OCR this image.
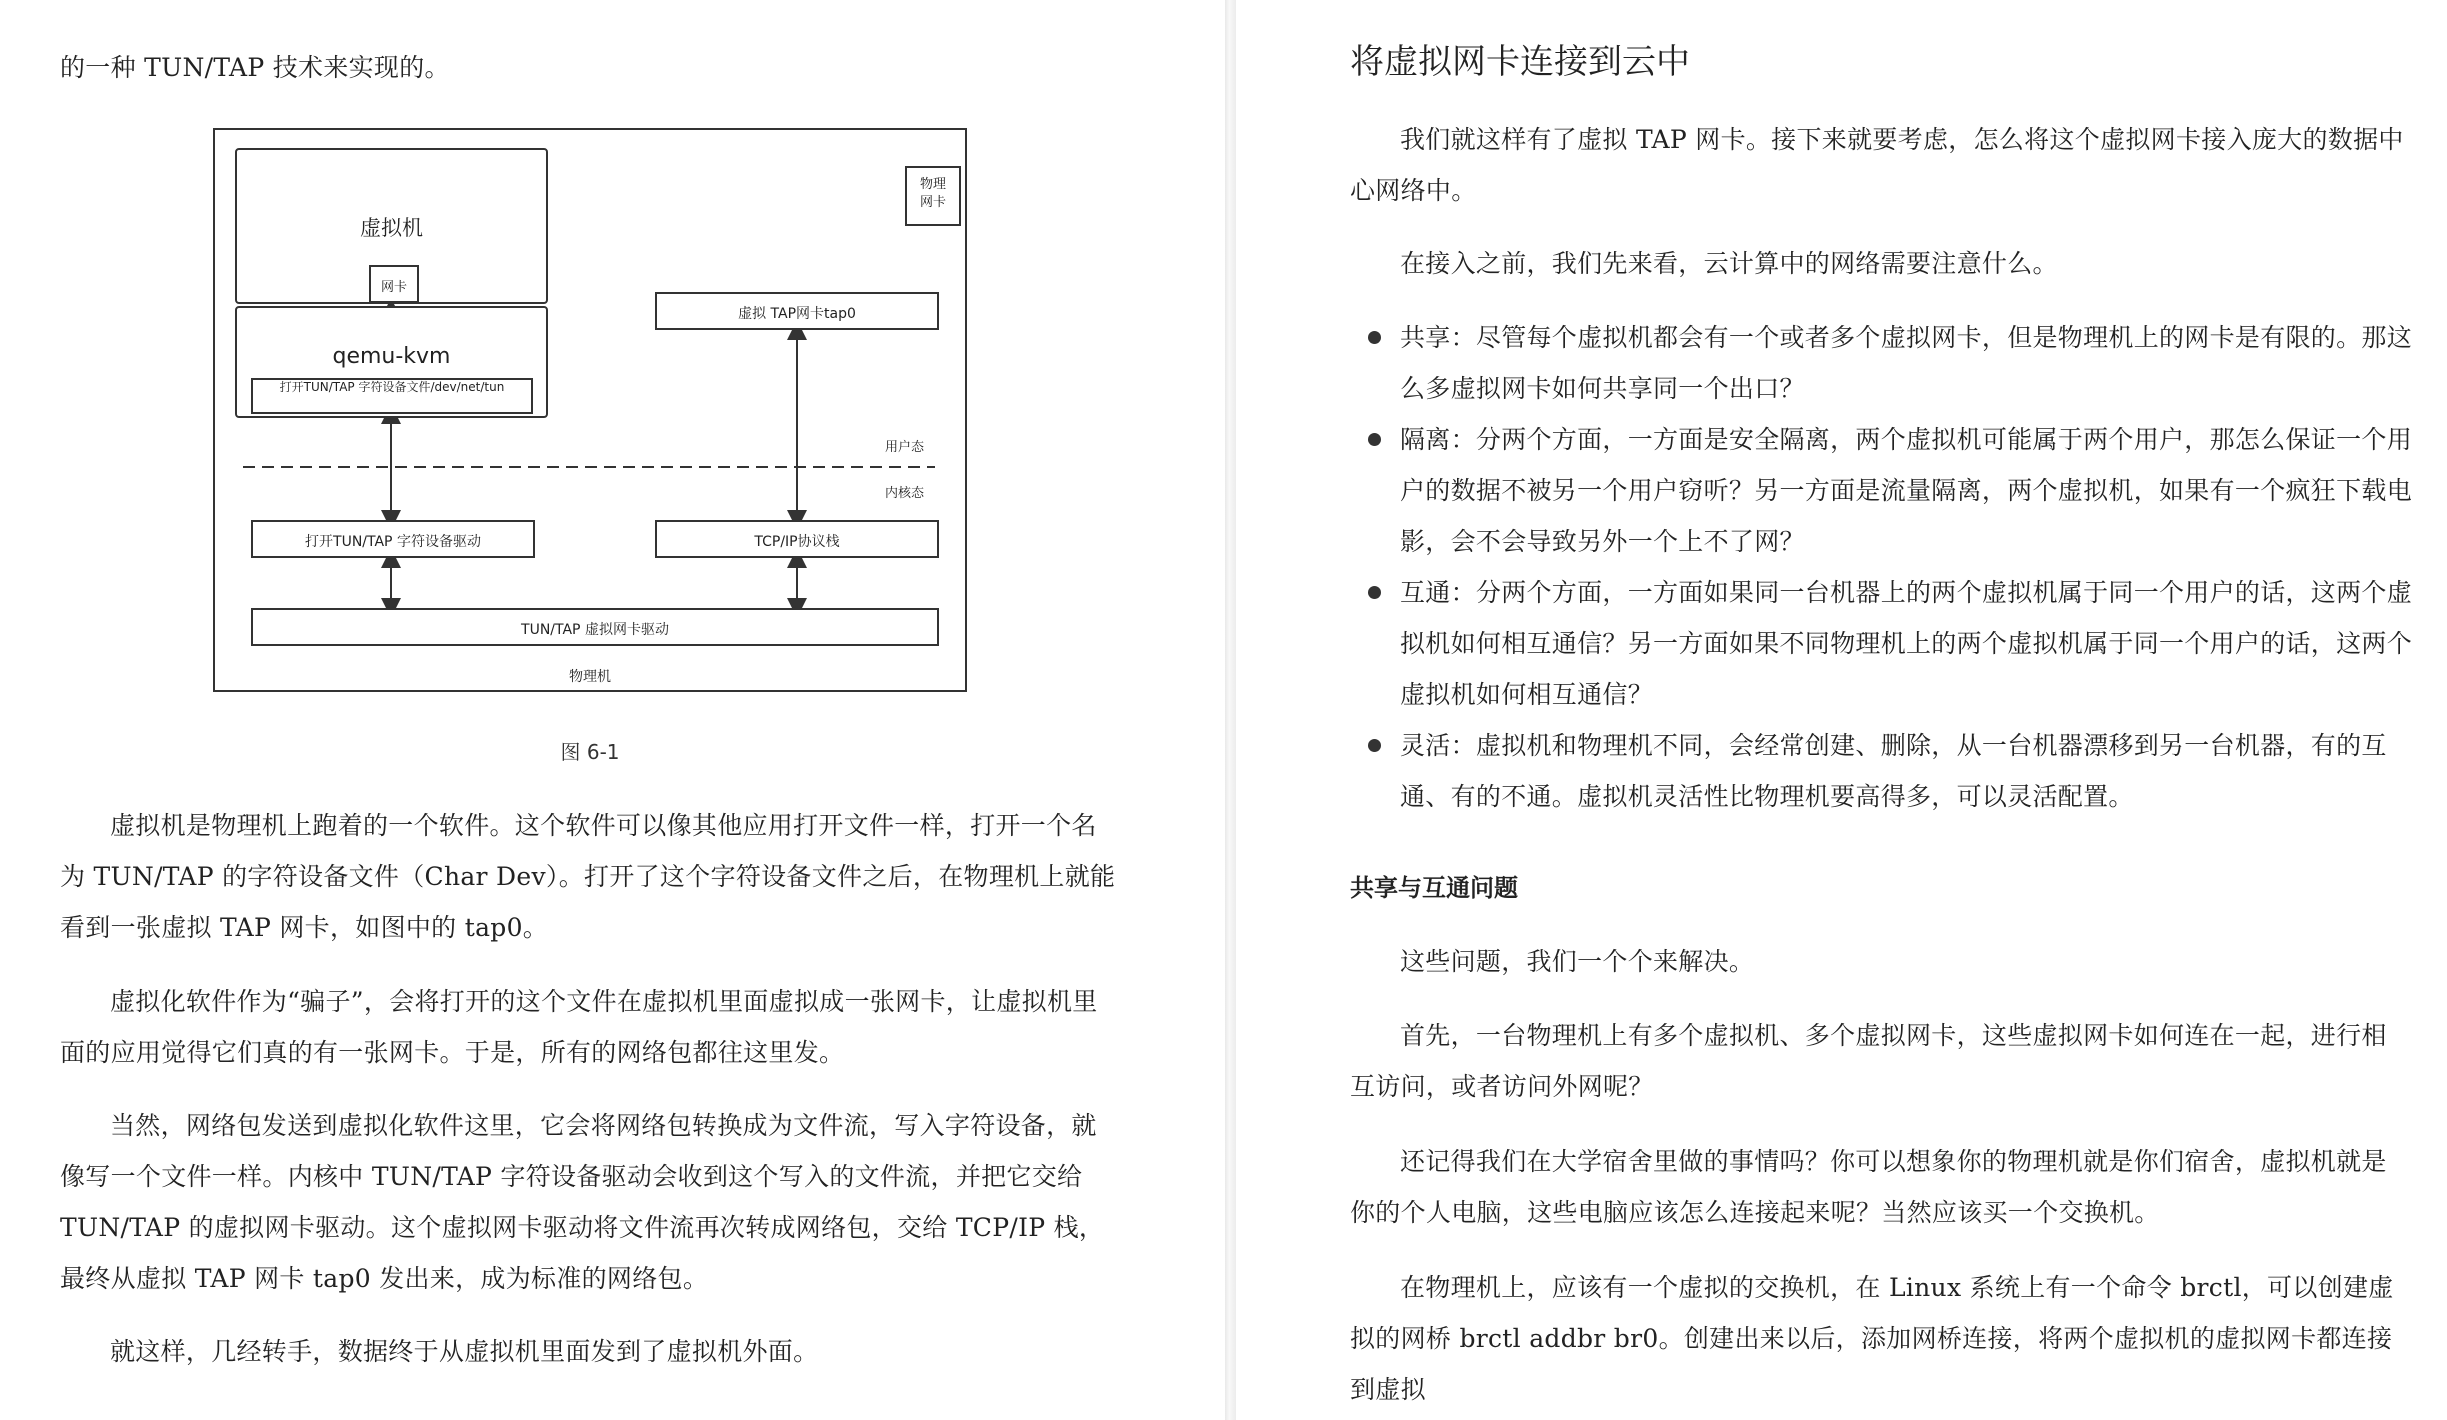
的一种 TUN/TAP 技术来实现的。

物理
网卡
虚拟机
网卡
qemu-kvm
打开TUN/TAP 字符设备文件/dev/net/tun
虚拟 TAP网卡tap0
用户态
内核态
打开TUN/TAP 字符设备驱动	TCP/IP协议栈
TUN/TAP 虚拟网卡驱动
物理机
图 6-1

虚拟机是物理机上跑着的一个软件。这个软件可以像其他应用打开文件一样，打开一个名为 TUN/TAP 的字符设备文件（Char Dev）。打开了这个字符设备文件之后，在物理机上就能看到一张虚拟 TAP 网卡，如图中的 tap0。

虚拟化软件作为“骗子”，会将打开的这个文件在虚拟机里面虚拟成一张网卡，让虚拟机里面的应用觉得它们真的有一张网卡。于是，所有的网络包都往这里发。

当然，网络包发送到虚拟化软件这里，它会将网络包转换成为文件流，写入字符设备，就像写一个文件一样。内核中 TUN/TAP 字符设备驱动会收到这个写入的文件流，并把它交给 TUN/TAP 的虚拟网卡驱动。这个虚拟网卡驱动将文件流再次转成网络包，交给 TCP/IP 栈，最终从虚拟 TAP 网卡 tap0 发出来，成为标准的网络包。

就这样，几经转手，数据终于从虚拟机里面发到了虚拟机外面。

将虚拟网卡连接到云中

我们就这样有了虚拟 TAP 网卡。接下来就要考虑，怎么将这个虚拟网卡接入庞大的数据中心网络中。

在接入之前，我们先来看，云计算中的网络需要注意什么。

共享：尽管每个虚拟机都会有一个或者多个虚拟网卡，但是物理机上的网卡是有限的。那这么多虚拟网卡如何共享同一个出口？
隔离：分两个方面，一方面是安全隔离，两个虚拟机可能属于两个用户，那怎么保证一个用户的数据不被另一个用户窃听？另一方面是流量隔离，两个虚拟机，如果有一个疯狂下载电影，会不会导致另外一个上不了网？
互通：分两个方面，一方面如果同一台机器上的两个虚拟机属于同一个用户的话，这两个虚拟机如何相互通信？另一方面如果不同物理机上的两个虚拟机属于同一个用户的话，这两个虚拟机如何相互通信？
灵活：虚拟机和物理机不同，会经常创建、删除，从一台机器漂移到另一台机器，有的互通、有的不通。虚拟机灵活性比物理机要高得多，可以灵活配置。
共享与互通问题

这些问题，我们一个个来解决。

首先，一台物理机上有多个虚拟机、多个虚拟网卡，这些虚拟网卡如何连在一起，进行相互访问，或者访问外网呢？

还记得我们在大学宿舍里做的事情吗？你可以想象你的物理机就是你们宿舍，虚拟机就是你的个人电脑，这些电脑应该怎么连接起来呢？当然应该买一个交换机。

在物理机上，应该有一个虚拟的交换机，在 Linux 系统上有一个命令 brctl，可以创建虚拟的网桥 brctl addbr br0。创建出来以后，添加网桥连接，将两个虚拟机的虚拟网卡都连接到虚拟
